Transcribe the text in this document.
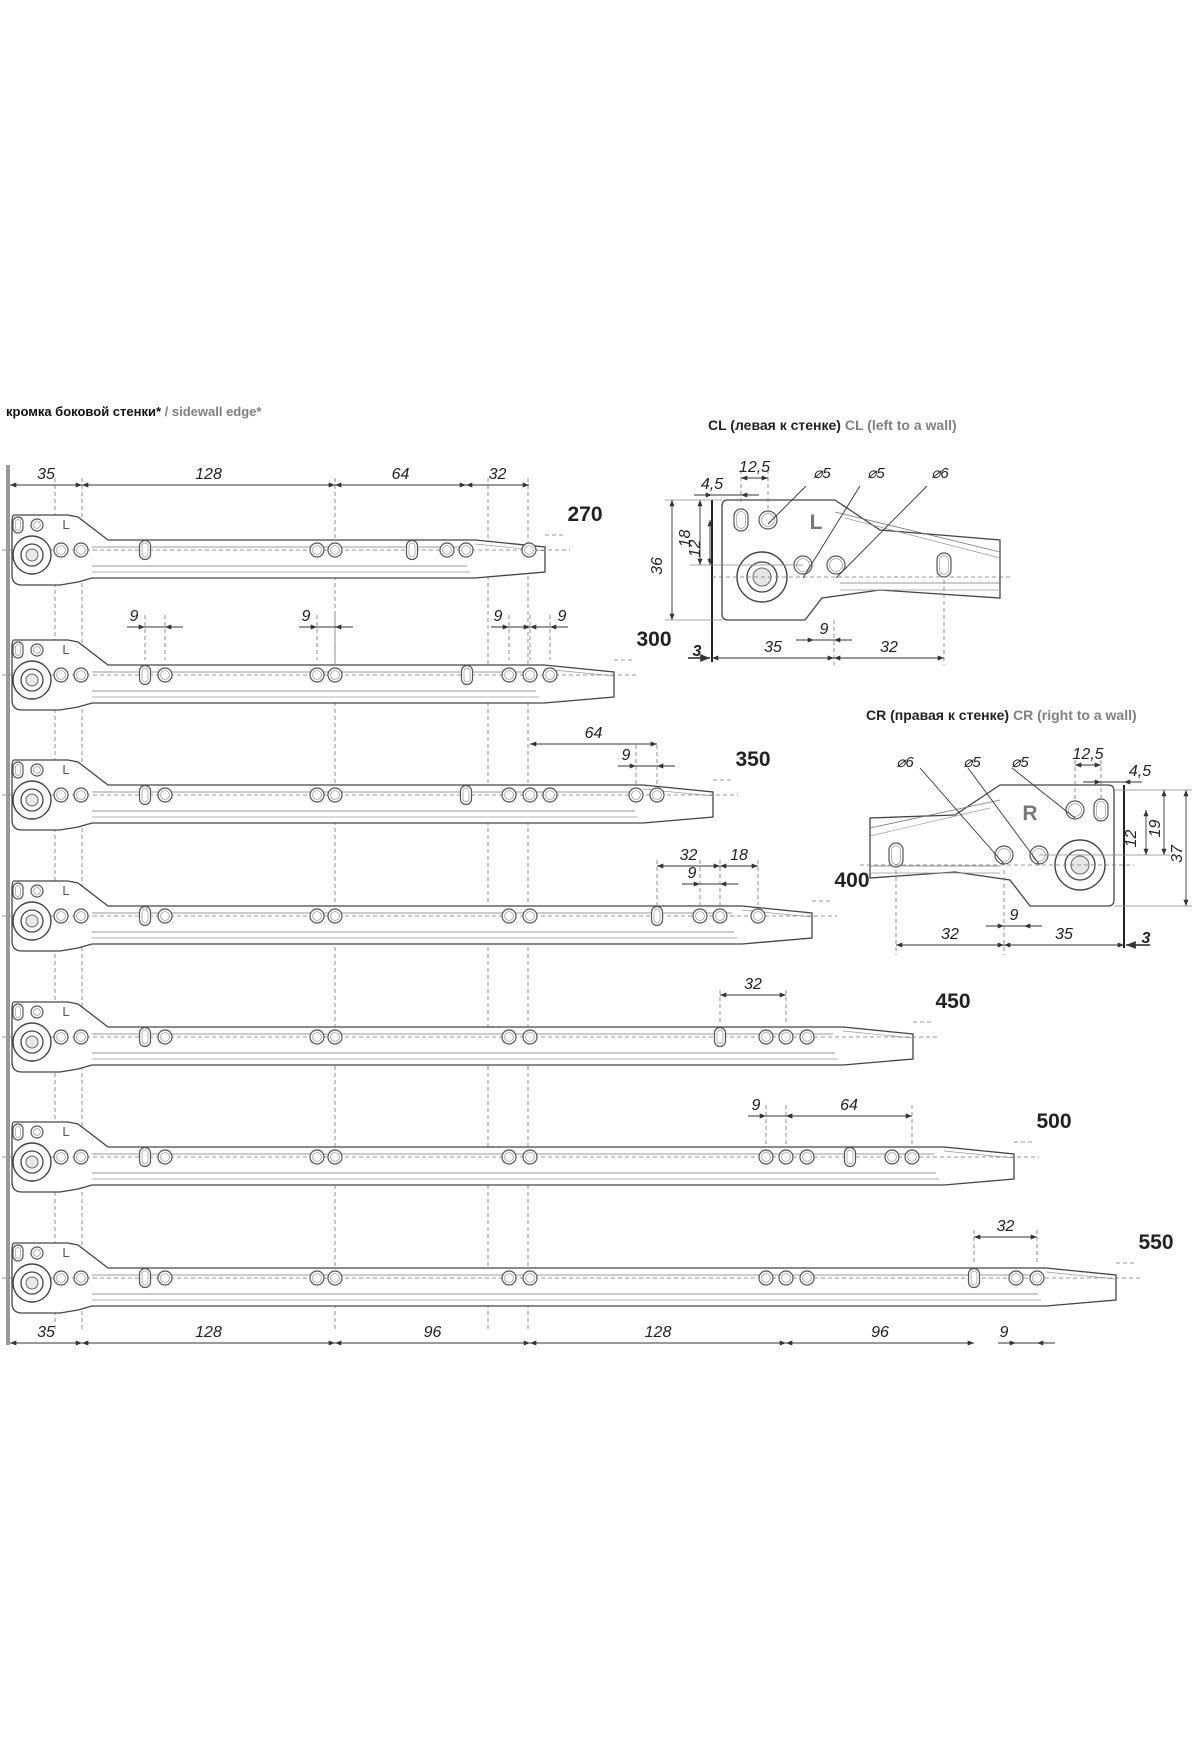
кромка боковой стенки* / sidewall edge*
CL (левая к стенке) CL (left to a wall)
CR (правая к стенке) CR (right to a wall)
L	270
L	300
L	350
L	400
L	450
L	500
L	550
35	128	64	32
35	128	96	128	96	9
9	9	9	9
64
9
32 18
9
32
9	64
32
L
12,5
4,5
18
12
36
35	32
9
3
⌀5 ⌀5	⌀6
R
12,5
4,5
12
19
37
32	35
9
3
⌀6	⌀5 ⌀5
